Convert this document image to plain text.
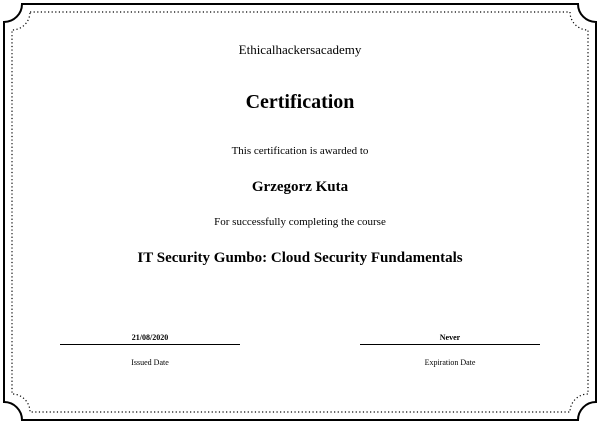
Ethicalhackersacademy
Certification
This certification is awarded to
Grzegorz Kuta
For successfully completing the course
IT Security Gumbo: Cloud Security Fundamentals
21/08/2020
Issued Date
Never
Expiration Date
